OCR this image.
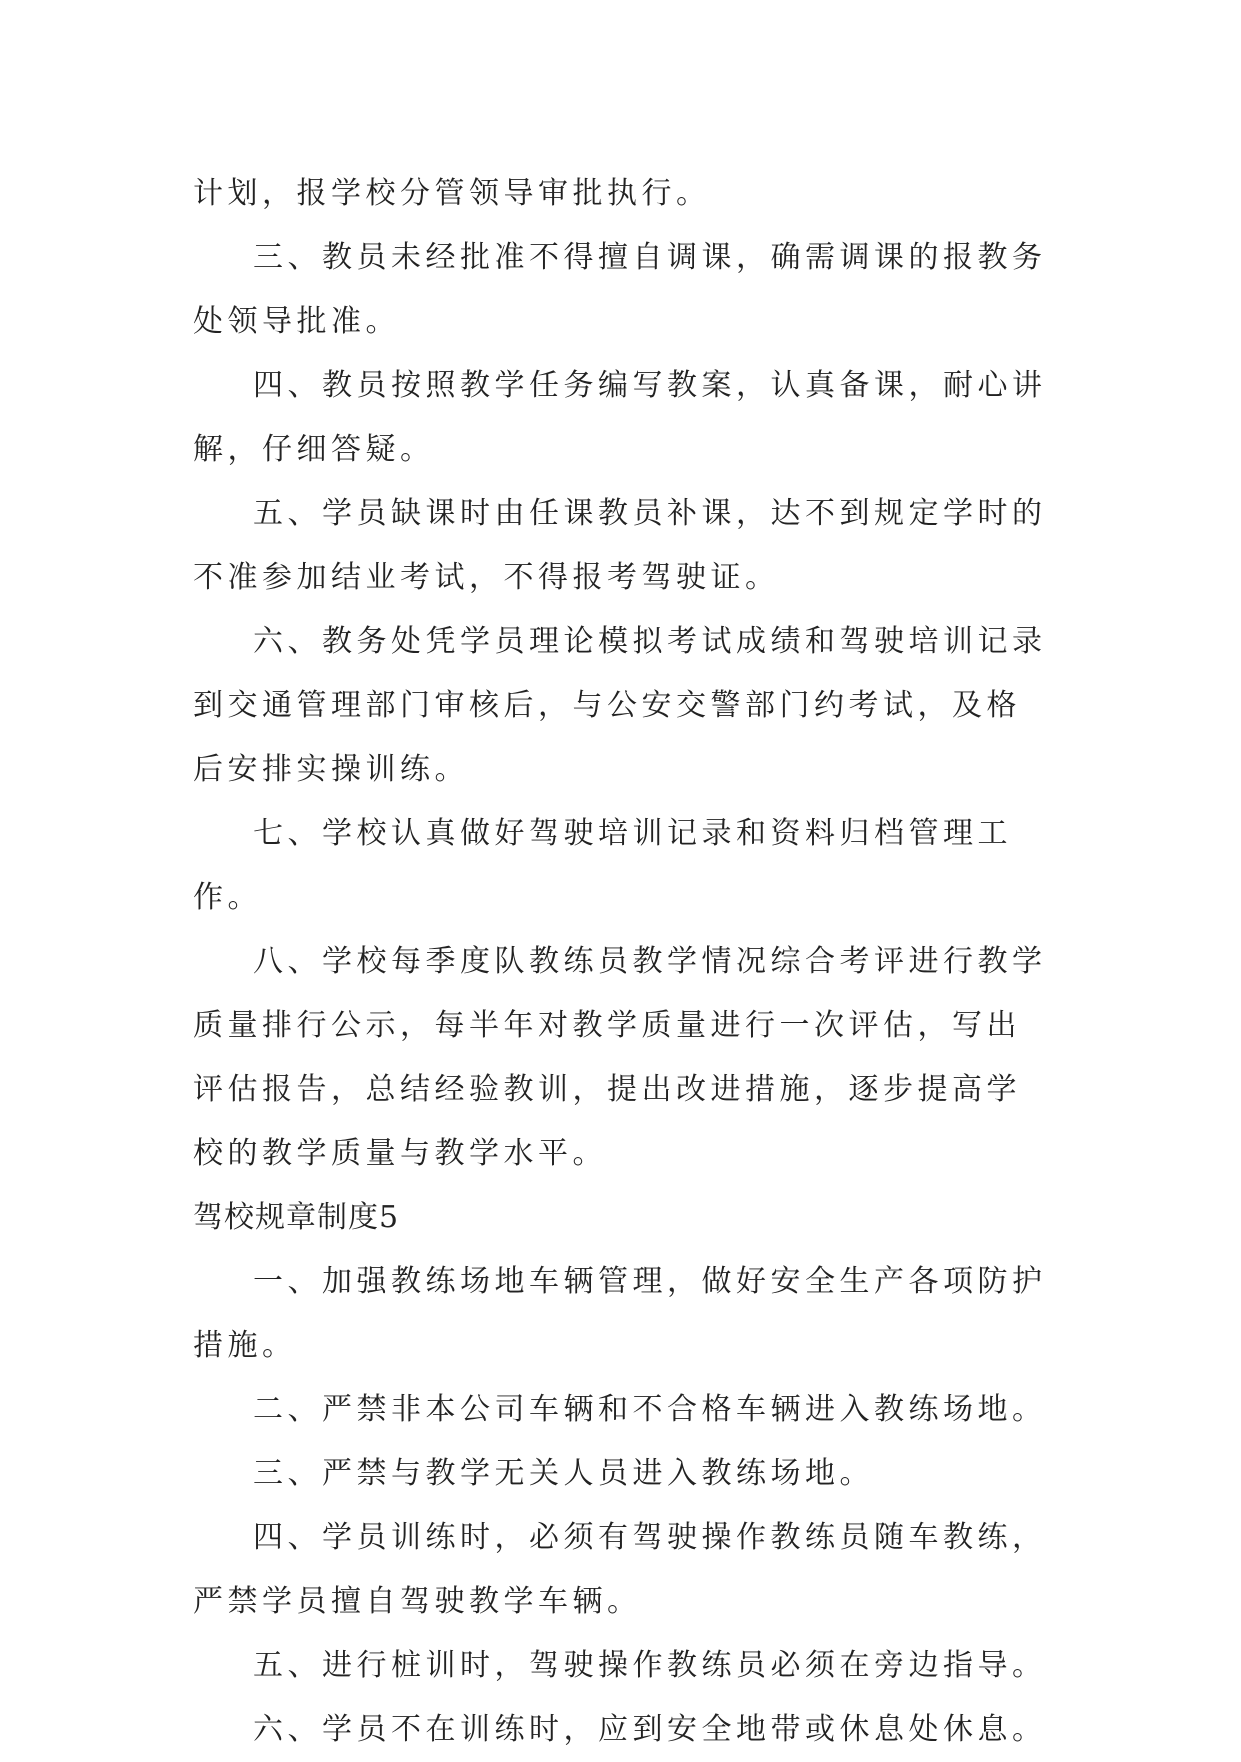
计划，报学校分管领导审批执行。

三、教员未经批准不得擅自调课，确需调课的报教务处领导批准。

四、教员按照教学任务编写教案，认真备课，耐心讲解，仔细答疑。

五、学员缺课时由任课教员补课，达不到规定学时的不准参加结业考试，不得报考驾驶证。

六、教务处凭学员理论模拟考试成绩和驾驶培训记录到交通管理部门审核后，与公安交警部门约考试，及格后安排实操训练。

七、学校认真做好驾驶培训记录和资料归档管理工作。

八、学校每季度队教练员教学情况综合考评进行教学质量排行公示，每半年对教学质量进行一次评估，写出评估报告，总结经验教训，提出改进措施，逐步提高学校的教学质量与教学水平。

驾校规章制度5

一、加强教练场地车辆管理，做好安全生产各项防护措施。

二、严禁非本公司车辆和不合格车辆进入教练场地。

三、严禁与教学无关人员进入教练场地。

四、学员训练时，必须有驾驶操作教练员随车教练，严禁学员擅自驾驶教学车辆。

五、进行桩训时，驾驶操作教练员必须在旁边指导。

六、学员不在训练时，应到安全地带或休息处休息。
